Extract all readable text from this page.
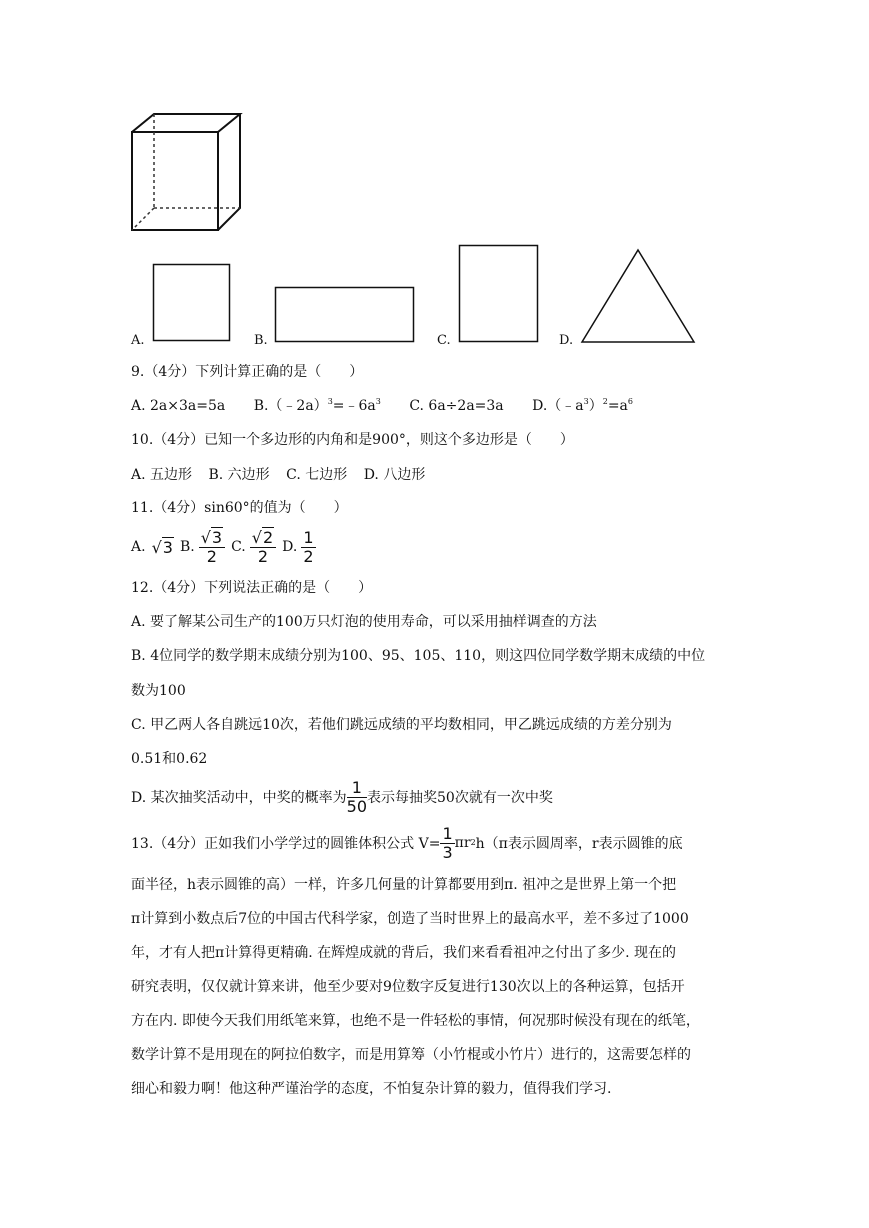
A.	B.	C.	D.
9.（4分）下列计算正确的是（　　）
A. 2a×3a=5a $B.(﹣2a)^3=﹣6a^3$ C. 6a÷2a=3a $D.(﹣a^3)^2=a^6$
10.（4分）已知一个多边形的内角和是900°，则这个多边形是（　　）
A. 五边形 B. 六边形 C. 七边形 D. 八边形
11.（4分）sin60°的值为（　　）
A. √3 B. $\frac{√3}{2} C$. $\frac{√2}{2} D$. $\frac{1}{2}$
12.（4分）下列说法正确的是（　　）
A. 要了解某公司生产的100万只灯泡的使用寿命，可以采用抽样调查的方法
B. 4位同学的数学期末成绩分别为100、95、105、110，则这四位同学数学期末成绩的中位
数为100
C. 甲乙两人各自跳远10次，若他们跳远成绩的平均数相同，甲乙跳远成绩的方差分别为
0.51和0.62
D. 某次抽奖活动中，中奖的概率为 $\frac{1}{50}$ 表示每抽奖50次就有一次中奖
13.（4分）正如我们小学学过的圆锥体积公式 $V= \frac{1}{3}$ πr 2 h（π表示圆周率，r表示圆锥的底
面半径，h表示圆锥的高）一样，许多几何量的计算都要用到π. 祖冲之是世界上第一个把
π计算到小数点后7位的中国古代科学家，创造了当时世界上的最高水平，差不多过了1000
年，才有人把π计算得更精确. 在辉煌成就的背后，我们来看看祖冲之付出了多少. 现在的
研究表明，仅仅就计算来讲，他至少要对9位数字反复进行130次以上的各种运算，包括开
方在内. 即使今天我们用纸笔来算，也绝不是一件轻松的事情，何况那时候没有现在的纸笔，
数学计算不是用现在的阿拉伯数字，而是用算筹（小竹棍或小竹片）进行的，这需要怎样的
细心和毅力啊！他这种严谨治学的态度，不怕复杂计算的毅力，值得我们学习.
